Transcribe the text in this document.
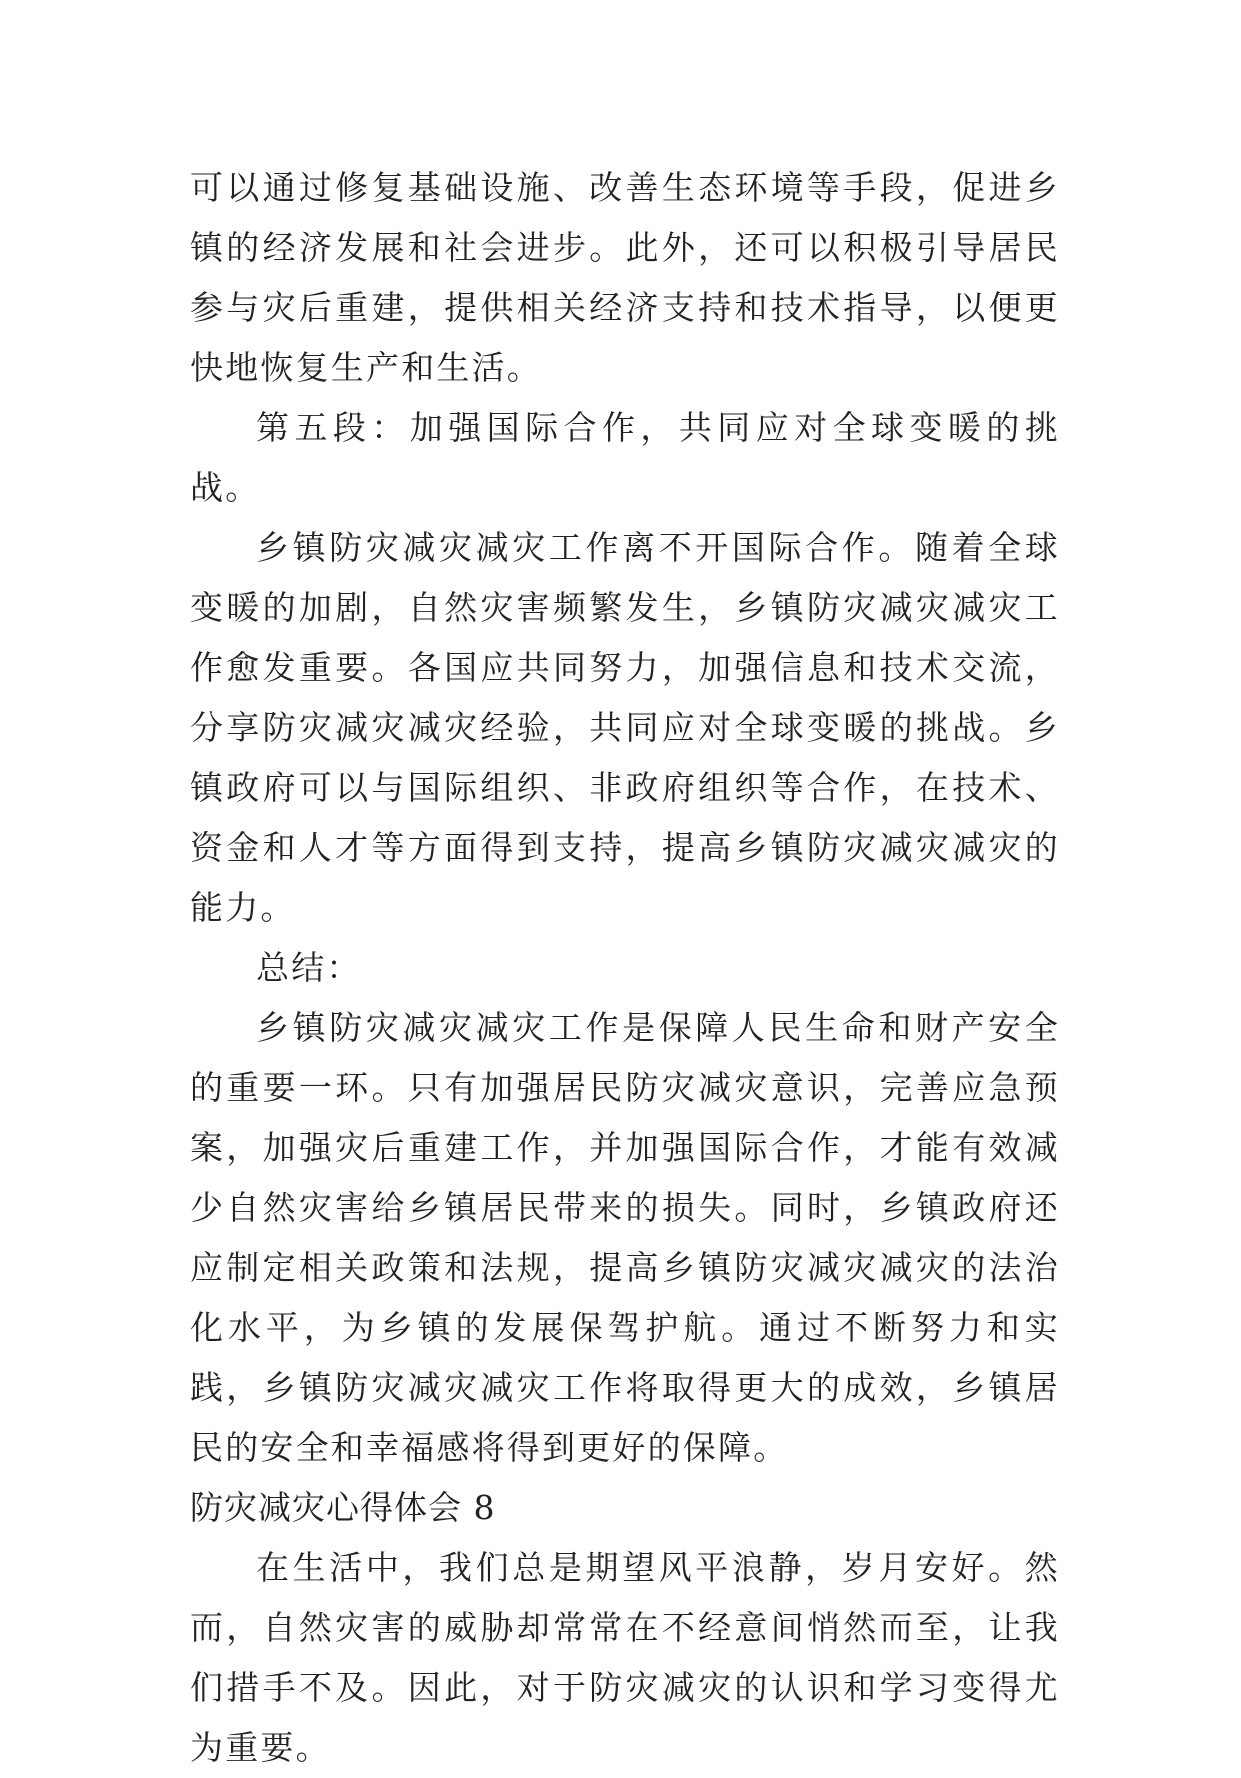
可以通过修复基础设施、改善生态环境等手段，促进乡镇的经济发展和社会进步。此外，还可以积极引导居民参与灾后重建，提供相关经济支持和技术指导，以便更快地恢复生产和生活。

第五段：加强国际合作，共同应对全球变暖的挑战。

乡镇防灾减灾减灾工作离不开国际合作。随着全球变暖的加剧，自然灾害频繁发生，乡镇防灾减灾减灾工作愈发重要。各国应共同努力，加强信息和技术交流，分享防灾减灾减灾经验，共同应对全球变暖的挑战。乡镇政府可以与国际组织、非政府组织等合作，在技术、资金和人才等方面得到支持，提高乡镇防灾减灾减灾的能力。

总结：

乡镇防灾减灾减灾工作是保障人民生命和财产安全的重要一环。只有加强居民防灾减灾意识，完善应急预案，加强灾后重建工作，并加强国际合作，才能有效减少自然灾害给乡镇居民带来的损失。同时，乡镇政府还应制定相关政策和法规，提高乡镇防灾减灾减灾的法治化水平，为乡镇的发展保驾护航。通过不断努力和实践，乡镇防灾减灾减灾工作将取得更大的成效，乡镇居民的安全和幸福感将得到更好的保障。

防灾减灾心得体会 8

在生活中，我们总是期望风平浪静，岁月安好。然而，自然灾害的威胁却常常在不经意间悄然而至，让我们措手不及。因此，对于防灾减灾的认识和学习变得尤为重要。
